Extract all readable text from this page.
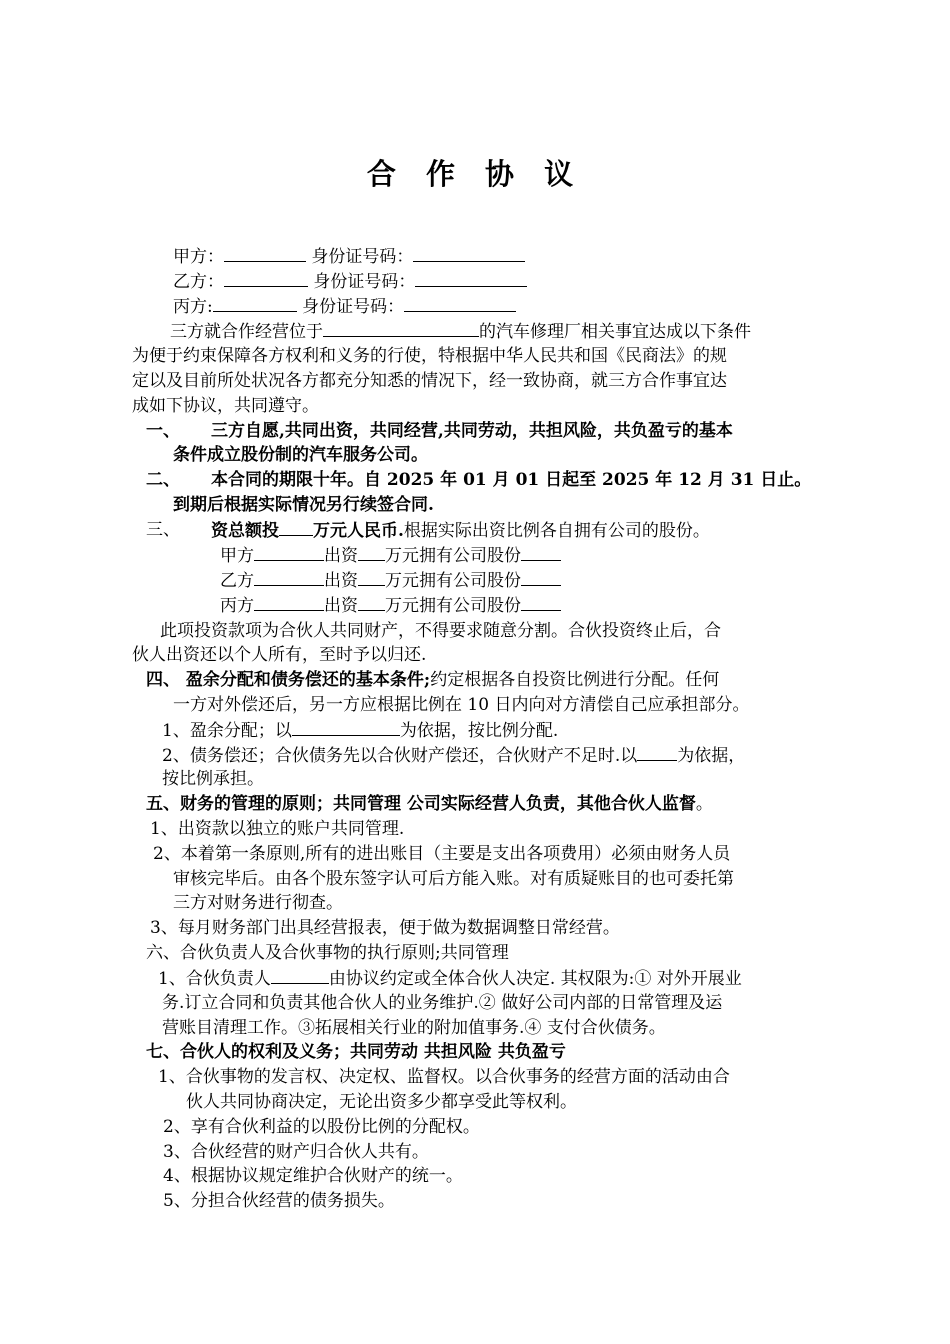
合 作 协 议
甲方：	身份证号码：
乙方：	身份证号码：
丙方:	身份证号码：
三方就合作经营位于	的汽车修理厂相关事宜达成以下条件
为便于约束保障各方权利和义务的行使，特根据中华人民共和国《民商法》的规
定以及目前所处状况各方都充分知悉的情况下，经一致协商，就三方合作事宜达
成如下协议，共同遵守。
一、 三方自愿,共同出资，共同经营,共同劳动，共担风险，共负盈亏的基本
条件成立股份制的汽车服务公司。
二、 本合同的期限十年。自 2025 年 01 月 01 日起至 2025 年 12 月 31 日止。
到期后根据实际情况另行续签合同.
三、 资总额投 万元人民币.根据实际出资比例各自拥有公司的股份。
甲方	出资 万元拥有公司股份
乙方	出资 万元拥有公司股份
丙方	出资 万元拥有公司股份
此项投资款项为合伙人共同财产，不得要求随意分割。合伙投资终止后，合
伙人出资还以个人所有，至时予以归还.
四、 盈余分配和债务偿还的基本条件;约定根据各自投资比例进行分配。任何
一方对外偿还后，另一方应根据比例在 10 日内向对方清偿自己应承担部分。
1、盈余分配；以	为依据，按比例分配.
2、债务偿还；合伙债务先以合伙财产偿还，合伙财产不足时.以 为依据，
按比例承担。
五、财务的管理的原则；共同管理 公司实际经营人负责，其他合伙人监督。
1、出资款以独立的账户共同管理.
2、本着第一条原则,所有的进出账目（主要是支出各项费用）必须由财务人员
审核完毕后。由各个股东签字认可后方能入账。对有质疑账目的也可委托第
三方对财务进行彻查。
3、每月财务部门出具经营报表，便于做为数据调整日常经营。
六、合伙负责人及合伙事物的执行原则;共同管理
1、合伙负责人	由协议约定或全体合伙人决定. 其权限为:① 对外开展业
务.订立合同和负责其他合伙人的业务维护.② 做好公司内部的日常管理及运
营账目清理工作。③拓展相关行业的附加值事务.④ 支付合伙债务。
七、合伙人的权利及义务；共同劳动 共担风险 共负盈亏
1、合伙事物的发言权、决定权、监督权。以合伙事务的经营方面的活动由合
伙人共同协商决定，无论出资多少都享受此等权利。
2、享有合伙利益的以股份比例的分配权。
3、合伙经营的财产归合伙人共有。
4、根据协议规定维护合伙财产的统一。
5、分担合伙经营的债务损失。
